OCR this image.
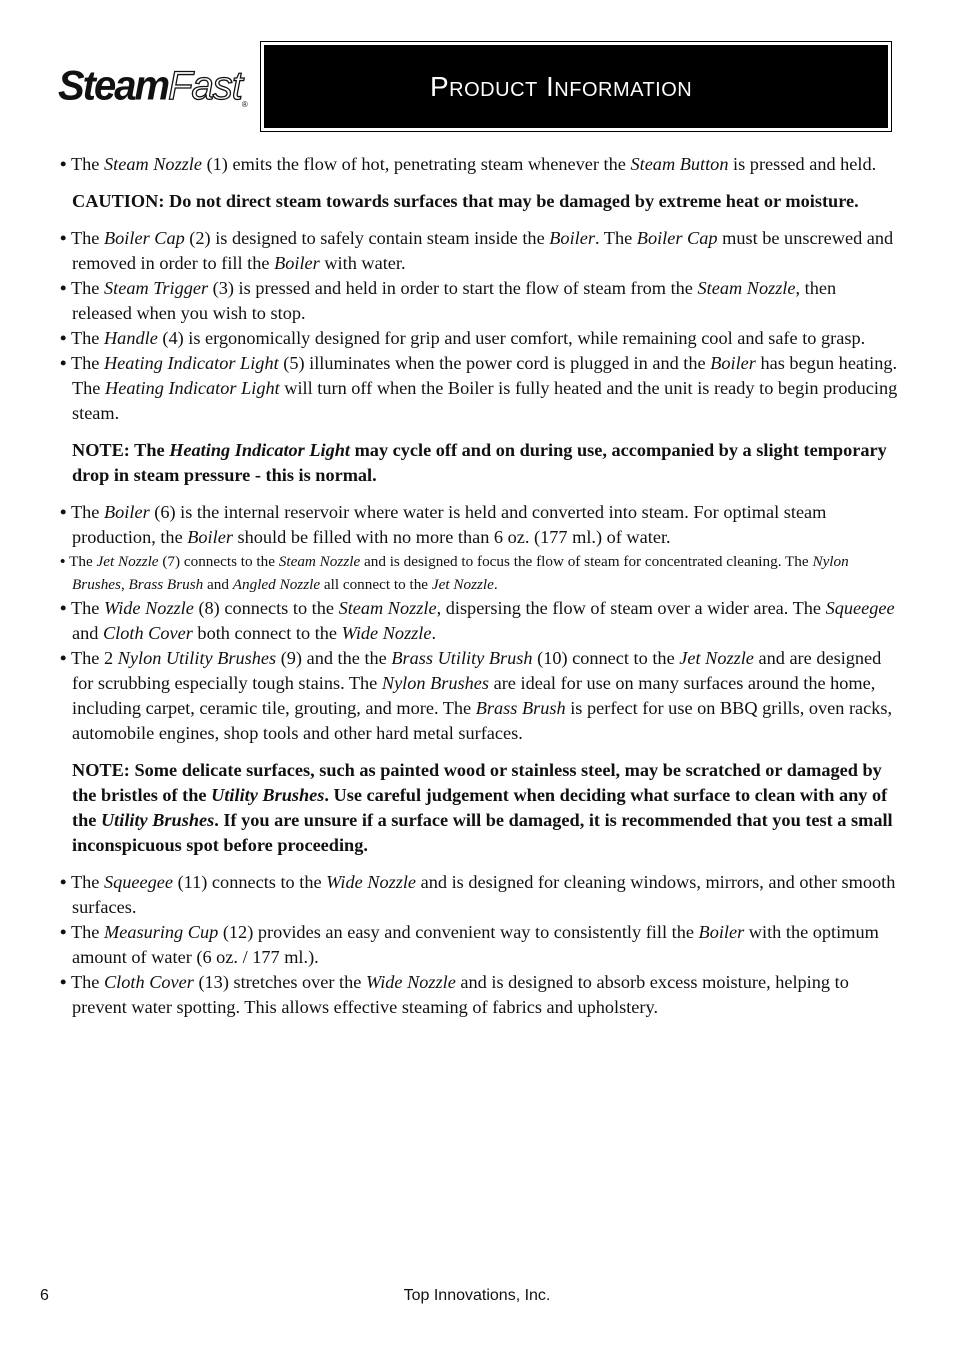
SteamFast®
Product Information

• The Steam Nozzle (1) emits the flow of hot, penetrating steam whenever the Steam Button is pressed and held.

CAUTION: Do not direct steam towards surfaces that may be damaged by extreme heat or moisture.

• The Boiler Cap (2) is designed to safely contain steam inside the Boiler. The Boiler Cap must be unscrewed and removed in order to fill the Boiler with water.

• The Steam Trigger (3) is pressed and held in order to start the flow of steam from the Steam Nozzle, then released when you wish to stop.

• The Handle (4) is ergonomically designed for grip and user comfort, while remaining cool and safe to grasp.

• The Heating Indicator Light (5) illuminates when the power cord is plugged in and the Boiler has begun heating. The Heating Indicator Light will turn off when the Boiler is fully heated and the unit is ready to begin producing steam.

NOTE: The Heating Indicator Light may cycle off and on during use, accompanied by a slight temporary drop in steam pressure - this is normal.

• The Boiler (6) is the internal reservoir where water is held and converted into steam. For optimal steam production, the Boiler should be filled with no more than 6 oz. (177 ml.) of water.

• The Jet Nozzle (7) connects to the Steam Nozzle and is designed to focus the flow of steam for concentrated cleaning. The Nylon Brushes, Brass Brush and Angled Nozzle all connect to the Jet Nozzle.

• The Wide Nozzle (8) connects to the Steam Nozzle, dispersing the flow of steam over a wider area. The Squeegee and Cloth Cover both connect to the Wide Nozzle.

• The 2 Nylon Utility Brushes (9) and the the Brass Utility Brush (10) connect to the Jet Nozzle and are designed for scrubbing especially tough stains. The Nylon Brushes are ideal for use on many surfaces around the home, including carpet, ceramic tile, grouting, and more. The Brass Brush is perfect for use on BBQ grills, oven racks, automobile engines, shop tools and other hard metal surfaces.

NOTE: Some delicate surfaces, such as painted wood or stainless steel, may be scratched or damaged by the bristles of the Utility Brushes. Use careful judgement when deciding what surface to clean with any of the Utility Brushes. If you are unsure if a surface will be damaged, it is recommended that you test a small inconspicuous spot before proceeding.

• The Squeegee (11) connects to the Wide Nozzle and is designed for cleaning windows, mirrors, and other smooth surfaces.

• The Measuring Cup (12) provides an easy and convenient way to consistently fill the Boiler with the optimum amount of water (6 oz. / 177 ml.).

• The Cloth Cover (13) stretches over the Wide Nozzle and is designed to absorb excess moisture, helping to prevent water spotting. This allows effective steaming of fabrics and upholstery.

Top Innovations, Inc.
6
